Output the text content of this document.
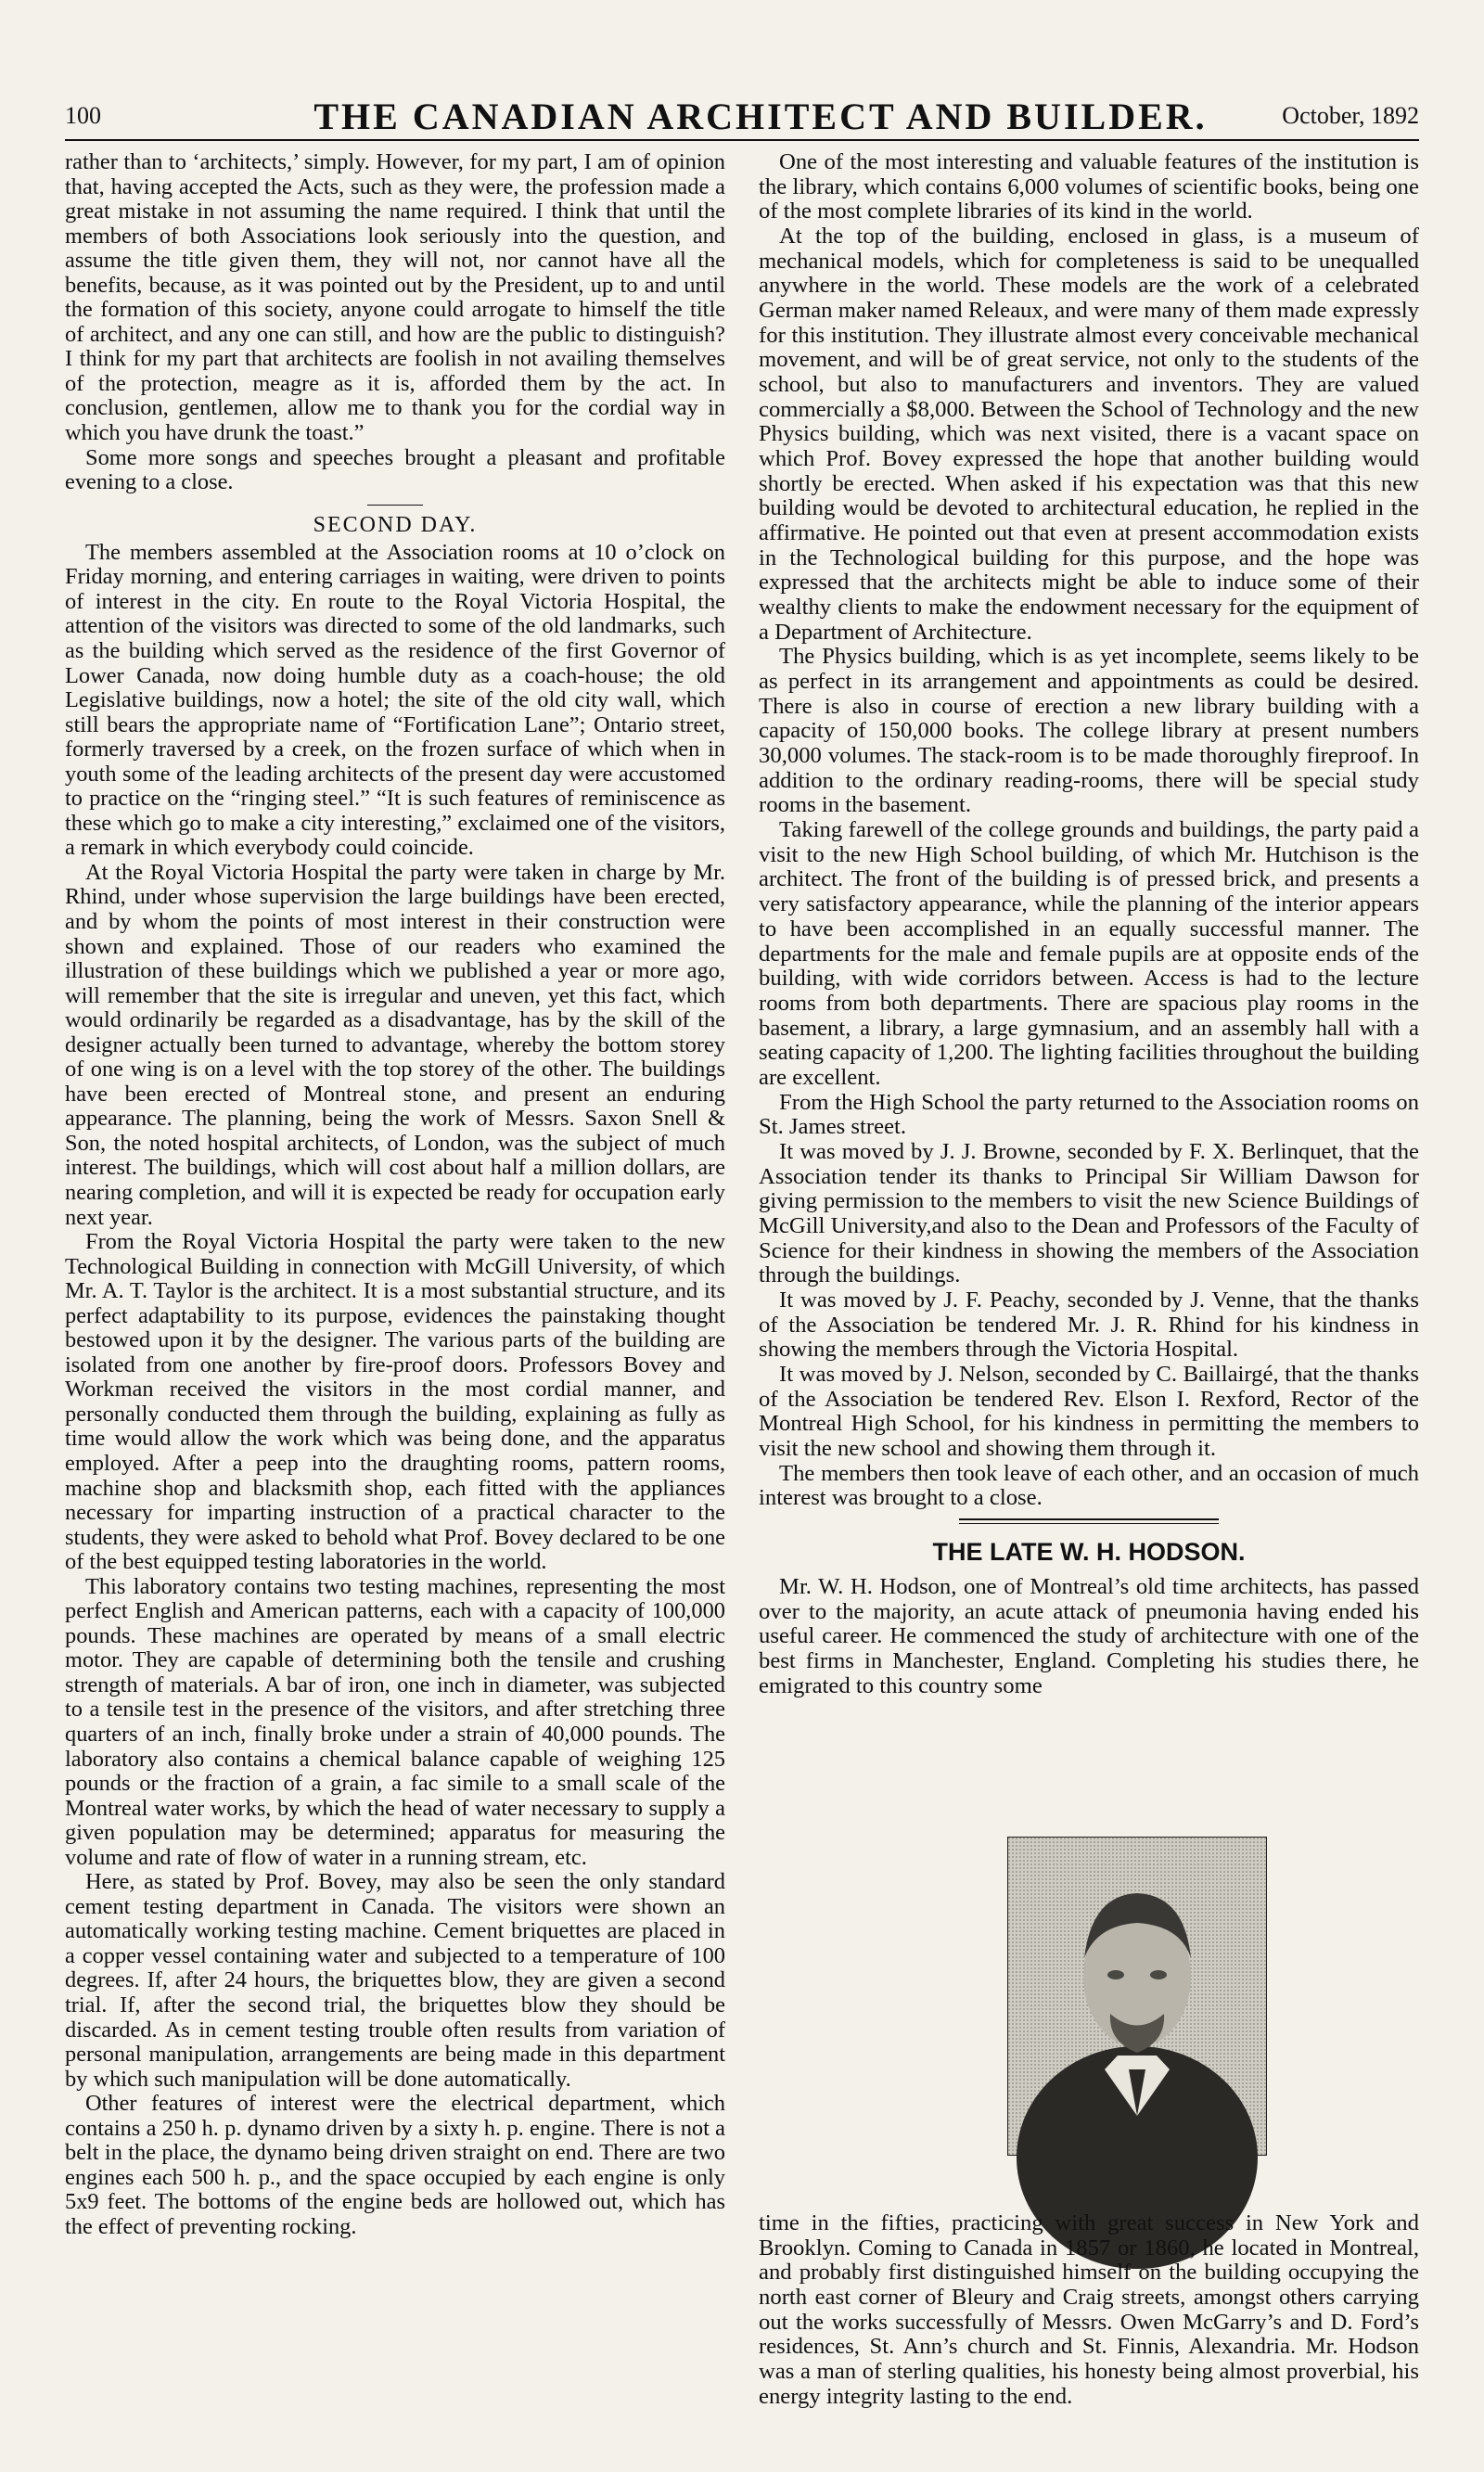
100	THE CANADIAN ARCHITECT AND BUILDER.	October, 1892

rather than to ‘architects,’ simply. However, for my part, I am of opinion that, having accepted the Acts, such as they were, the profession made a great mistake in not assuming the name required. I think that until the members of both Associations look seriously into the question, and assume the title given them, they will not, nor cannot have all the benefits, because, as it was pointed out by the President, up to and until the formation of this society, anyone could arrogate to himself the title of architect, and any one can still, and how are the public to distinguish? I think for my part that architects are foolish in not availing themselves of the protection, meagre as it is, afforded them by the act. In conclusion, gentlemen, allow me to thank you for the cordial way in which you have drunk the toast.”

Some more songs and speeches brought a pleasant and profitable evening to a close.

SECOND DAY.

The members assembled at the Association rooms at 10 o’clock on Friday morning, and entering carriages in waiting, were driven to points of interest in the city. En route to the Royal Victoria Hospital, the attention of the visitors was directed to some of the old landmarks, such as the building which served as the residence of the first Governor of Lower Canada, now doing humble duty as a coach-house; the old Legislative buildings, now a hotel; the site of the old city wall, which still bears the appropriate name of “Fortification Lane”; Ontario street, formerly traversed by a creek, on the frozen surface of which when in youth some of the leading architects of the present day were accustomed to practice on the “ringing steel.” “It is such features of reminiscence as these which go to make a city interesting,” exclaimed one of the visitors, a remark in which everybody could coincide.

At the Royal Victoria Hospital the party were taken in charge by Mr. Rhind, under whose supervision the large buildings have been erected, and by whom the points of most interest in their construction were shown and explained. Those of our readers who examined the illustration of these buildings which we published a year or more ago, will remember that the site is irregular and uneven, yet this fact, which would ordinarily be regarded as a disadvantage, has by the skill of the designer actually been turned to advantage, whereby the bottom storey of one wing is on a level with the top storey of the other. The buildings have been erected of Montreal stone, and present an enduring appearance. The planning, being the work of Messrs. Saxon Snell & Son, the noted hospital architects, of London, was the subject of much interest. The buildings, which will cost about half a million dollars, are nearing completion, and will it is expected be ready for occupation early next year.

From the Royal Victoria Hospital the party were taken to the new Technological Building in connection with McGill University, of which Mr. A. T. Taylor is the architect. It is a most substantial structure, and its perfect adaptability to its purpose, evidences the painstaking thought bestowed upon it by the designer. The various parts of the building are isolated from one another by fire-proof doors. Professors Bovey and Workman received the visitors in the most cordial manner, and personally conducted them through the building, explaining as fully as time would allow the work which was being done, and the apparatus employed. After a peep into the draughting rooms, pattern rooms, machine shop and blacksmith shop, each fitted with the appliances necessary for imparting instruction of a practical character to the students, they were asked to behold what Prof. Bovey declared to be one of the best equipped testing laboratories in the world.

This laboratory contains two testing machines, representing the most perfect English and American patterns, each with a capacity of 100,000 pounds. These machines are operated by means of a small electric motor. They are capable of determining both the tensile and crushing strength of materials. A bar of iron, one inch in diameter, was subjected to a tensile test in the presence of the visitors, and after stretching three quarters of an inch, finally broke under a strain of 40,000 pounds. The laboratory also contains a chemical balance capable of weighing 125 pounds or the fraction of a grain, a fac simile to a small scale of the Montreal water works, by which the head of water necessary to supply a given population may be determined; apparatus for measuring the volume and rate of flow of water in a running stream, etc.

Here, as stated by Prof. Bovey, may also be seen the only standard cement testing department in Canada. The visitors were shown an automatically working testing machine. Cement briquettes are placed in a copper vessel containing water and subjected to a temperature of 100 degrees. If, after 24 hours, the briquettes blow, they are given a second trial. If, after the second trial, the briquettes blow they should be discarded. As in cement testing trouble often results from variation of personal manipulation, arrangements are being made in this department by which such manipulation will be done automatically.

Other features of interest were the electrical department, which contains a 250 h. p. dynamo driven by a sixty h. p. engine. There is not a belt in the place, the dynamo being driven straight on end. There are two engines each 500 h. p., and the space occupied by each engine is only 5x9 feet. The bottoms of the engine beds are hollowed out, which has the effect of preventing rocking.

One of the most interesting and valuable features of the institution is the library, which contains 6,000 volumes of scientific books, being one of the most complete libraries of its kind in the world.

At the top of the building, enclosed in glass, is a museum of mechanical models, which for completeness is said to be unequalled anywhere in the world. These models are the work of a celebrated German maker named Releaux, and were many of them made expressly for this institution. They illustrate almost every conceivable mechanical movement, and will be of great service, not only to the students of the school, but also to manufacturers and inventors. They are valued commercially a $8,000. Between the School of Technology and the new Physics building, which was next visited, there is a vacant space on which Prof. Bovey expressed the hope that another building would shortly be erected. When asked if his expectation was that this new building would be devoted to architectural education, he replied in the affirmative. He pointed out that even at present accommodation exists in the Technological building for this purpose, and the hope was expressed that the architects might be able to induce some of their wealthy clients to make the endowment necessary for the equipment of a Department of Architecture.

The Physics building, which is as yet incomplete, seems likely to be as perfect in its arrangement and appointments as could be desired. There is also in course of erection a new library building with a capacity of 150,000 books. The college library at present numbers 30,000 volumes. The stack-room is to be made thoroughly fireproof. In addition to the ordinary reading-rooms, there will be special study rooms in the basement.

Taking farewell of the college grounds and buildings, the party paid a visit to the new High School building, of which Mr. Hutchison is the architect. The front of the building is of pressed brick, and presents a very satisfactory appearance, while the planning of the interior appears to have been accomplished in an equally successful manner. The departments for the male and female pupils are at opposite ends of the building, with wide corridors between. Access is had to the lecture rooms from both departments. There are spacious play rooms in the basement, a library, a large gymnasium, and an assembly hall with a seating capacity of 1,200. The lighting facilities throughout the building are excellent.

From the High School the party returned to the Association rooms on St. James street.

It was moved by J. J. Browne, seconded by F. X. Berlinquet, that the Association tender its thanks to Principal Sir William Dawson for giving permission to the members to visit the new Science Buildings of McGill University,and also to the Dean and Professors of the Faculty of Science for their kindness in showing the members of the Association through the buildings.

It was moved by J. F. Peachy, seconded by J. Venne, that the thanks of the Association be tendered Mr. J. R. Rhind for his kindness in showing the members through the Victoria Hospital.

It was moved by J. Nelson, seconded by C. Baillairgé, that the thanks of the Association be tendered Rev. Elson I. Rexford, Rector of the Montreal High School, for his kindness in permitting the members to visit the new school and showing them through it.

The members then took leave of each other, and an occasion of much interest was brought to a close.

THE LATE W. H. HODSON.

Mr. W. H. Hodson, one of Montreal’s old time architects, has passed over to the majority, an acute attack of pneumonia having ended his useful career. He commenced the study of architecture with one of the best firms in Manchester, England. Completing his studies there, he emigrated to this country some

time in the fifties, practicing with great success in New York and Brooklyn. Coming to Canada in 1857 or 1860, he located in Montreal, and probably first distinguished himself on the building occupying the north east corner of Bleury and Craig streets, amongst others carrying out the works successfully of Messrs. Owen McGarry’s and D. Ford’s residences, St. Ann’s church and St. Finnis, Alexandria. Mr. Hodson was a man of sterling qualities, his honesty being almost proverbial, his energy integrity lasting to the end.
